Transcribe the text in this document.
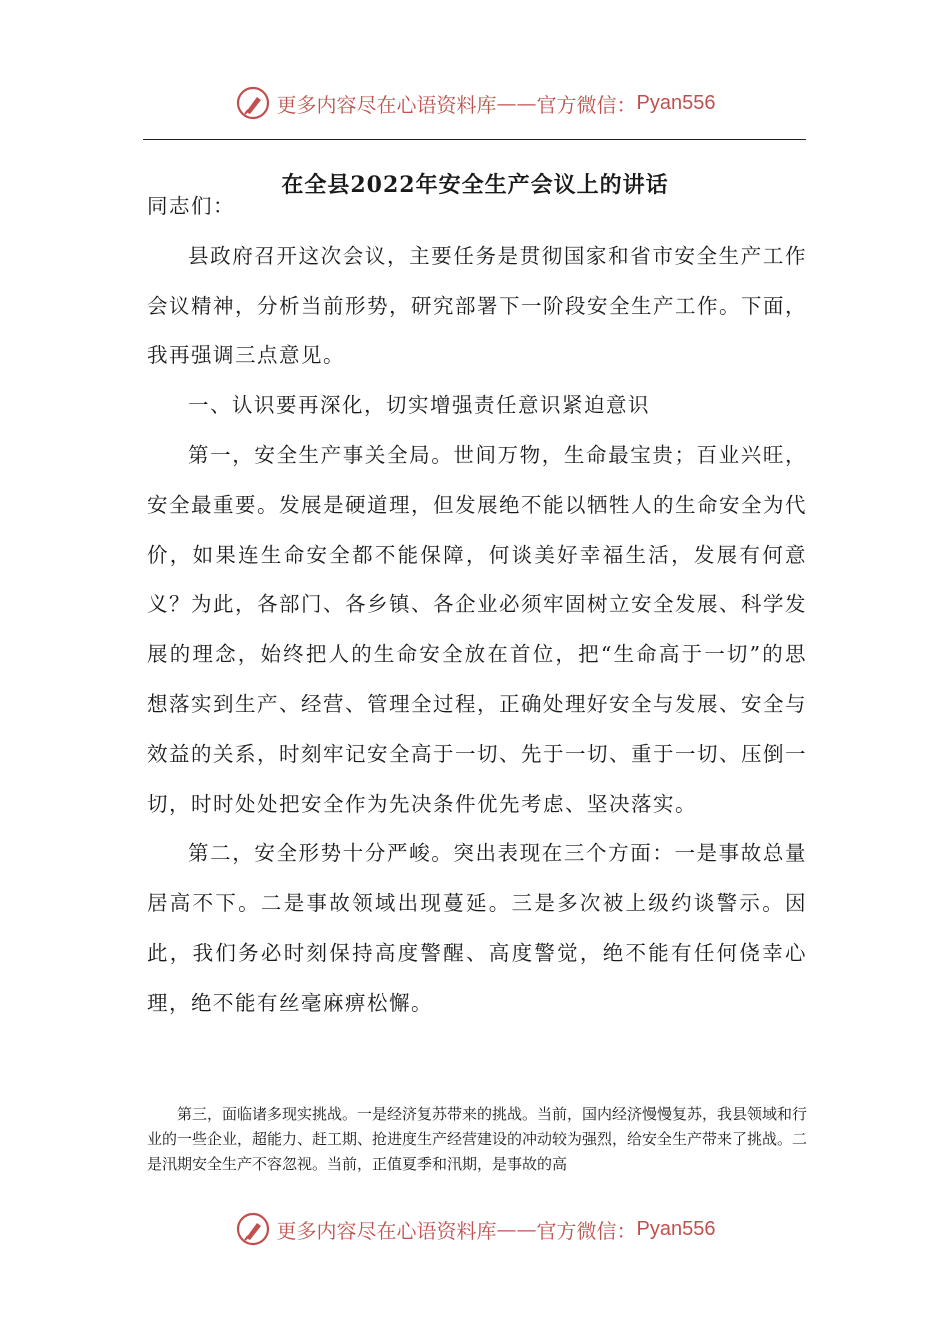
更多内容尽在心语资料库 —— 官方微信： Pyan556
在全县2022年安全生产会议上的讲话

同志们：

县政府召开这次会议，主要任务是贯彻国家和省市安全生产工作会议精神，分析当前形势，研究部署下一阶段安全生产工作。下面，我再强调三点意见。

一、认识要再深化，切实增强责任意识紧迫意识

第一，安全生产事关全局。世间万物，生命最宝贵；百业兴旺，安全最重要。发展是硬道理，但发展绝不能以牺牲人的生命安全为代价，如果连生命安全都不能保障，何谈美好幸福生活，发展有何意义？为此，各部门、各乡镇、各企业必须牢固树立安全发展、科学发展的理念，始终把人的生命安全放在首位，把“生命高于一切”的思想落实到生产、经营、管理全过程，正确处理好安全与发展、安全与效益的关系，时刻牢记安全高于一切、先于一切、重于一切、压倒一切，时时处处把安全作为先决条件优先考虑、坚决落实。

第二，安全形势十分严峻。突出表现在三个方面：一是事故总量居高不下。二是事故领域出现蔓延。三是多次被上级约谈警示。因此，我们务必时刻保持高度警醒、高度警觉，绝不能有任何侥幸心理，绝不能有丝毫麻痹松懈。

第三，面临诸多现实挑战。一是经济复苏带来的挑战。当前，国内经济慢慢复苏，我县领域和行业的一些企业，超能力、赶工期、抢进度生产经营建设的冲动较为强烈，给安全生产带来了挑战。二是汛期安全生产不容忽视。当前，正值夏季和汛期，是事故的高

更多内容尽在心语资料库 —— 官方微信： Pyan556
